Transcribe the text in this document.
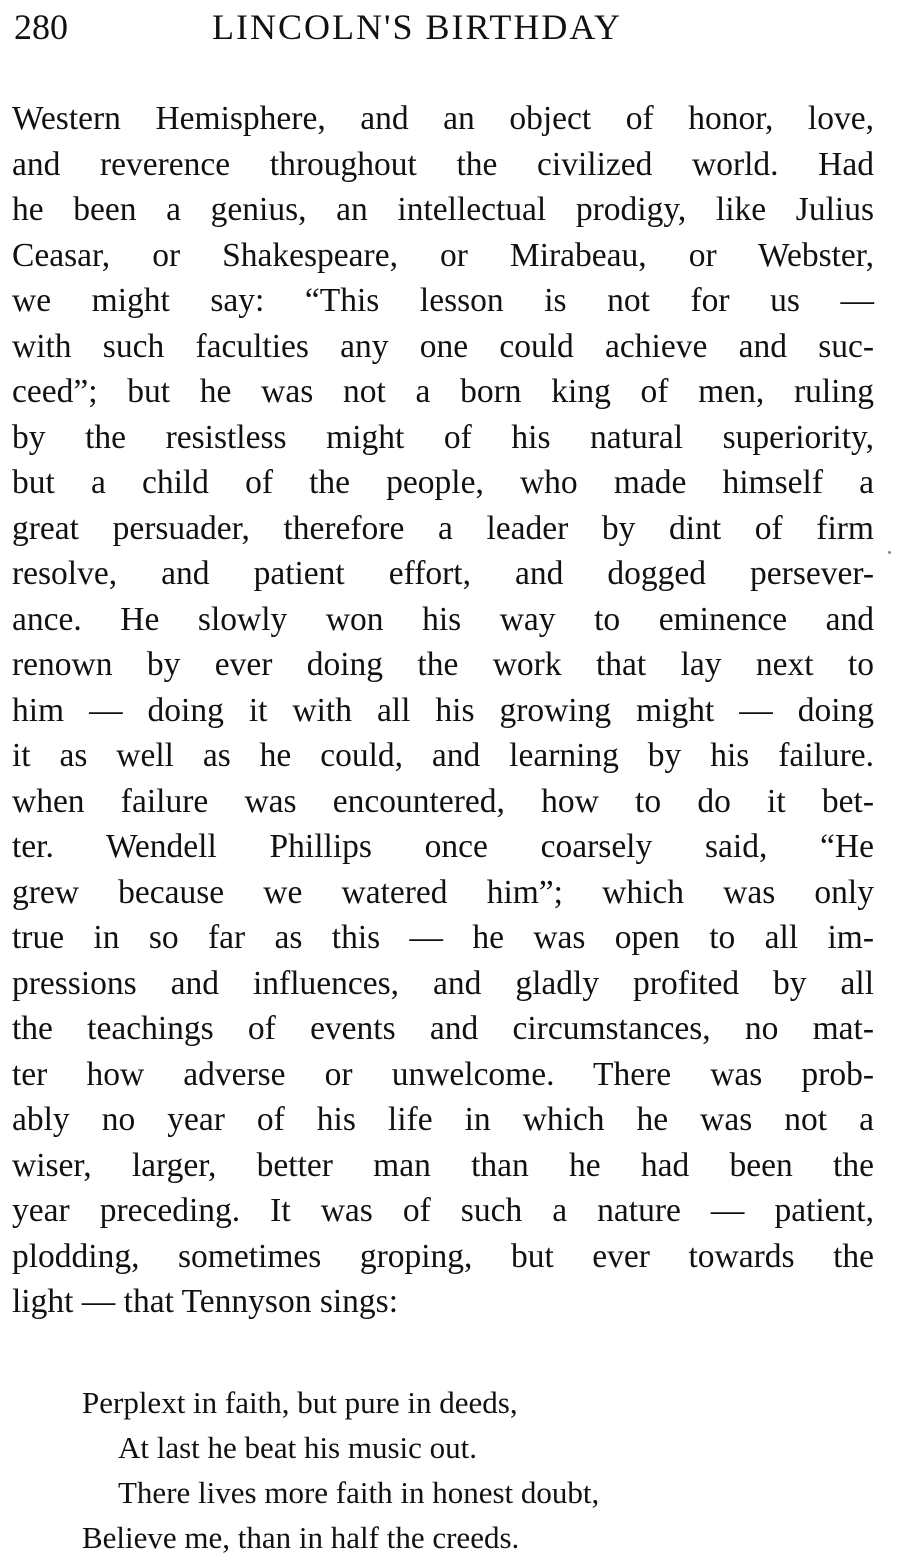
280	LINCOLN'S BIRTHDAY
Western Hemisphere, and an object of honor, love,
and reverence throughout the civilized world. Had
he been a genius, an intellectual prodigy, like Julius
Ceasar, or Shakespeare, or Mirabeau, or Webster,
we might say: “This lesson is not for us —
with such faculties any one could achieve and suc-
ceed”; but he was not a born king of men, ruling
by the resistless might of his natural superiority,
but a child of the people, who made himself a
great persuader, therefore a leader by dint of firm
resolve, and patient effort, and dogged persever-
ance. He slowly won his way to eminence and
renown by ever doing the work that lay next to
him — doing it with all his growing might — doing
it as well as he could, and learning by his failure.
when failure was encountered, how to do it bet-
ter. Wendell Phillips once coarsely said, “He
grew because we watered him”; which was only
true in so far as this — he was open to all im-
pressions and influences, and gladly profited by all
the teachings of events and circumstances, no mat-
ter how adverse or unwelcome. There was prob-
ably no year of his life in which he was not a
wiser, larger, better man than he had been the
year preceding. It was of such a nature — patient,
plodding, sometimes groping, but ever towards the
light — that Tennyson sings:
Perplext in faith, but pure in deeds,
At last he beat his music out.
There lives more faith in honest doubt,
Believe me, than in half the creeds.
